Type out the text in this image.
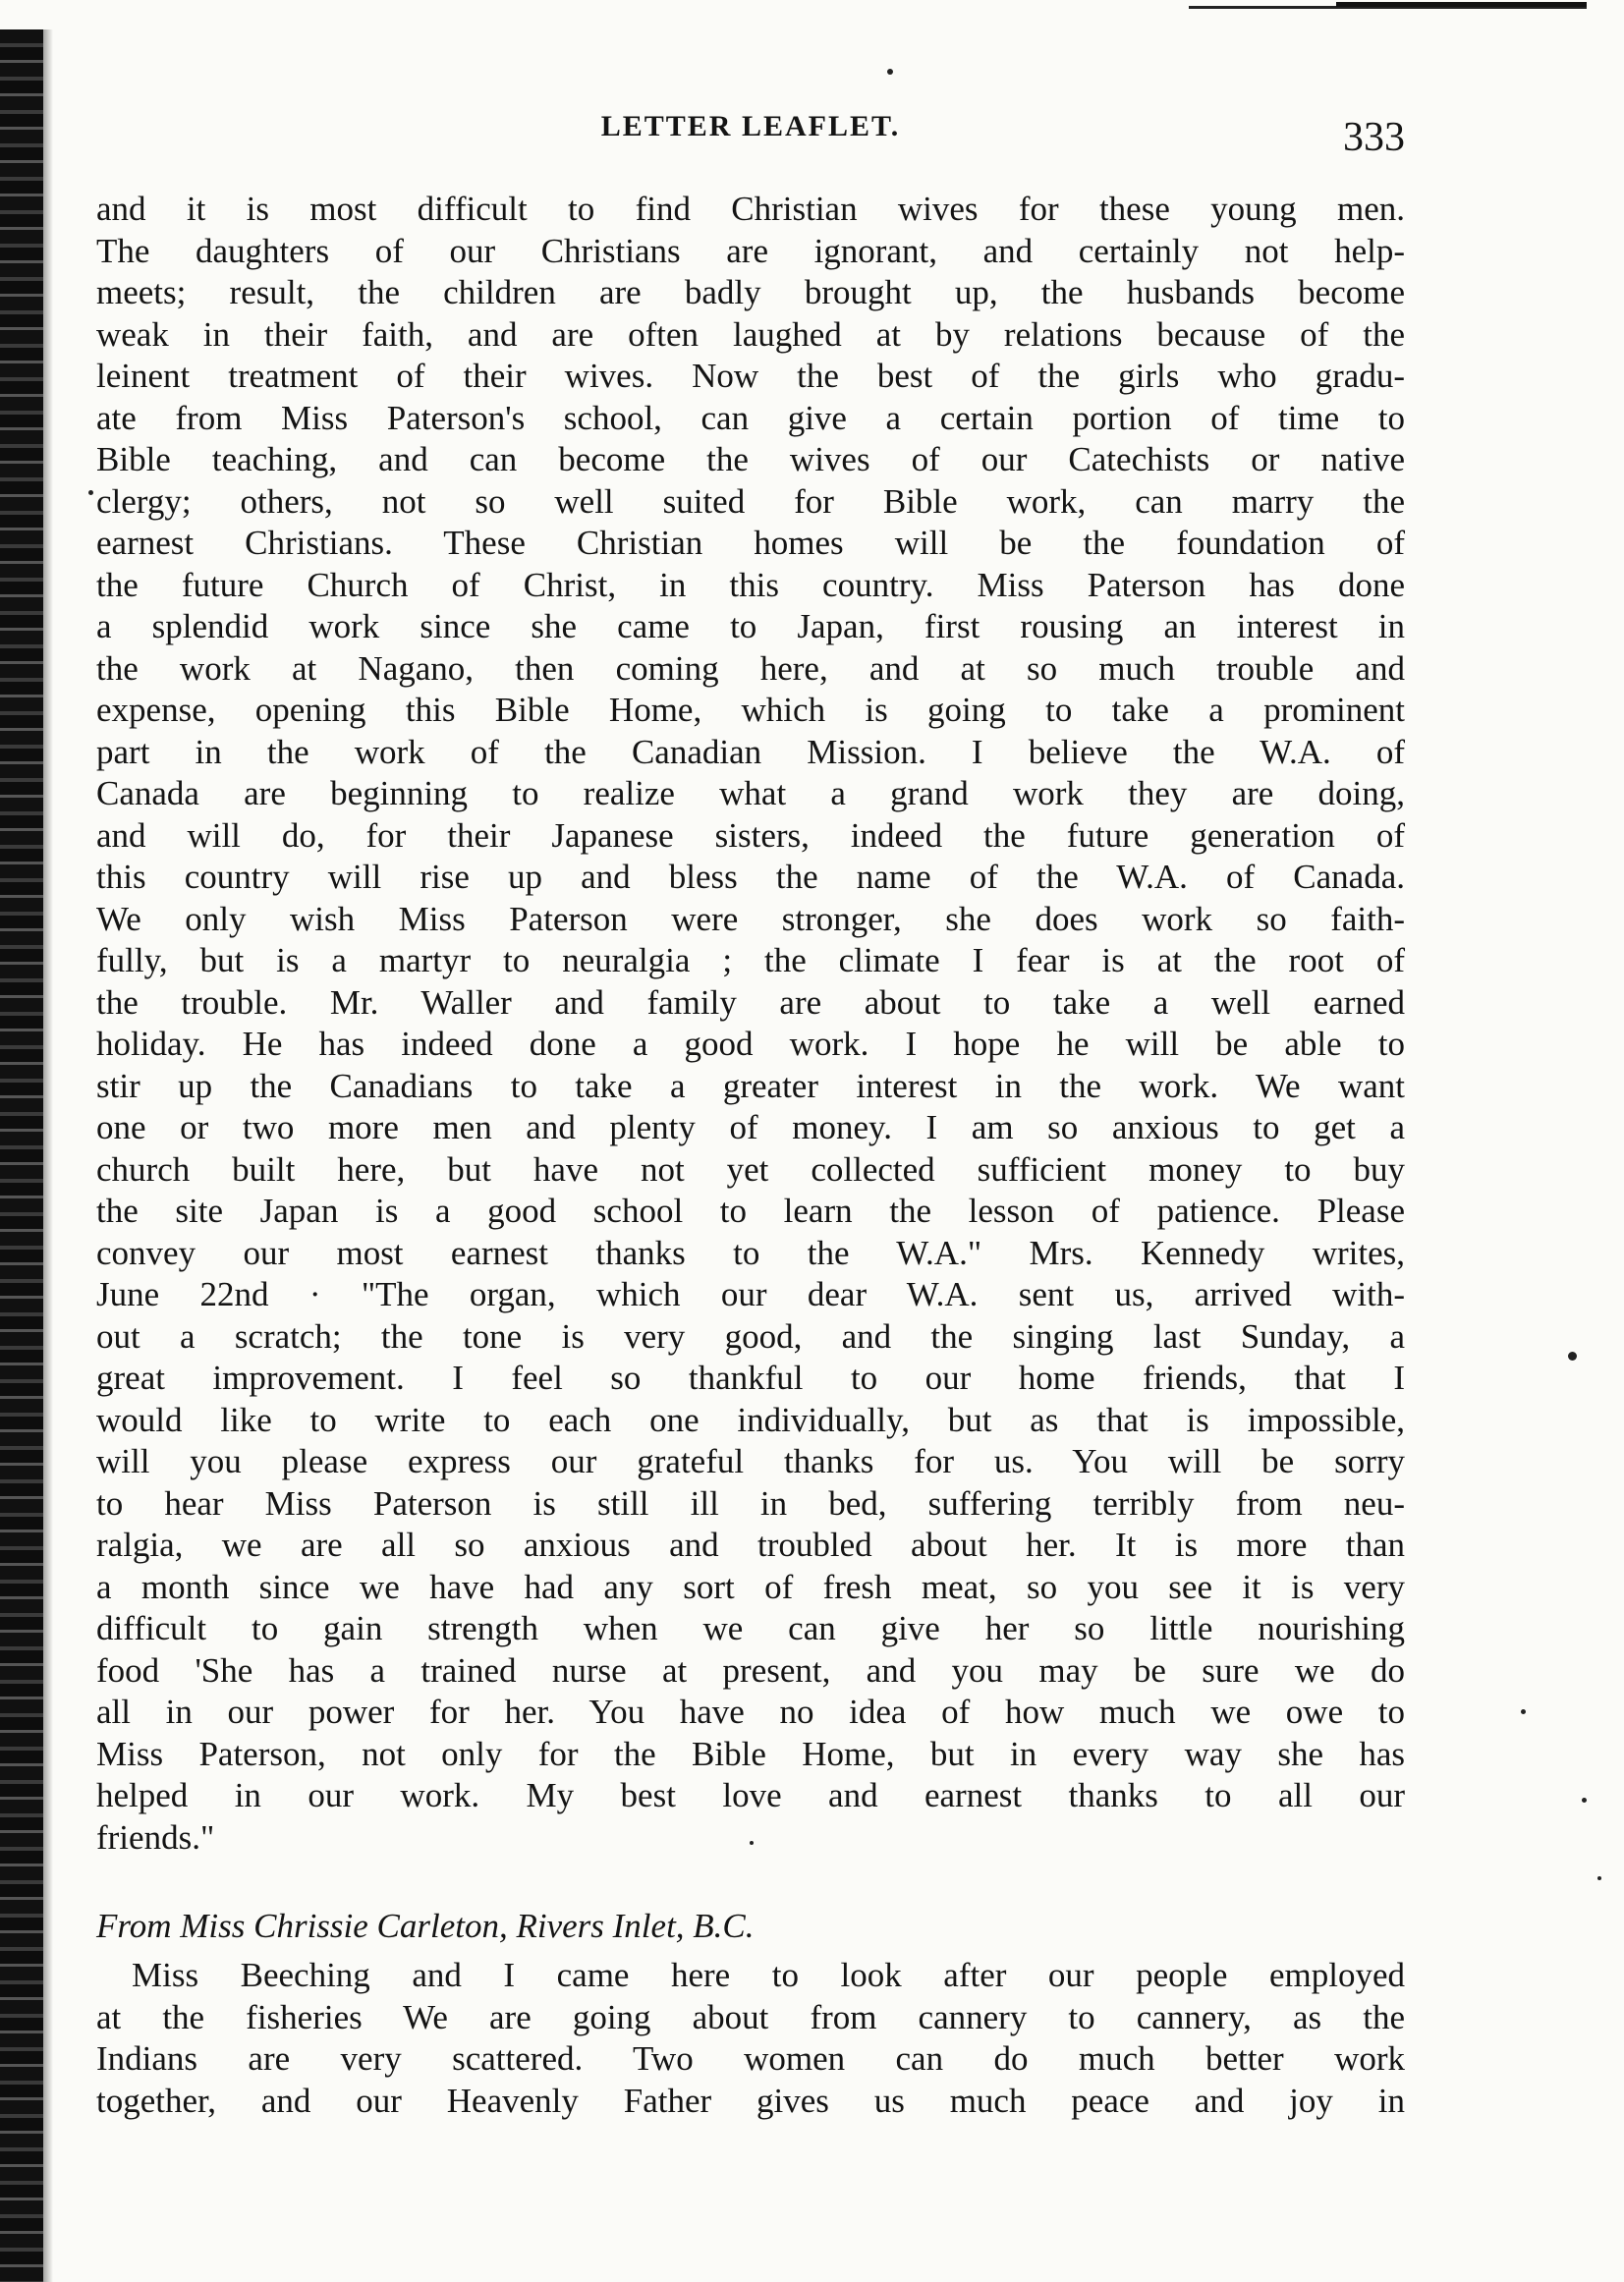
LETTER LEAFLET.	333
and it is most difficult to find Christian wives for these young men.
The daughters of our Christians are ignorant, and certainly not help-
meets; result, the children are badly brought up, the husbands become
weak in their faith, and are often laughed at by relations because of the
leinent treatment of their wives. Now the best of the girls who gradu-
ate from Miss Paterson's school, can give a certain portion of time to
Bible teaching, and can become the wives of our Catechists or native
clergy; others, not so well suited for Bible work, can marry the
earnest Christians. These Christian homes will be the foundation of
the future Church of Christ, in this country. Miss Paterson has done
a splendid work since she came to Japan, first rousing an interest in
the work at Nagano, then coming here, and at so much trouble and
expense, opening this Bible Home, which is going to take a prominent
part in the work of the Canadian Mission. I believe the W.A. of
Canada are beginning to realize what a grand work they are doing,
and will do, for their Japanese sisters, indeed the future generation of
this country will rise up and bless the name of the W.A. of Canada.
We only wish Miss Paterson were stronger, she does work so faith-
fully, but is a martyr to neuralgia ; the climate I fear is at the root of
the trouble. Mr. Waller and family are about to take a well earned
holiday. He has indeed done a good work. I hope he will be able to
stir up the Canadians to take a greater interest in the work. We want
one or two more men and plenty of money. I am so anxious to get a
church built here, but have not yet collected sufficient money to buy
the site Japan is a good school to learn the lesson of patience. Please
convey our most earnest thanks to the W.A." Mrs. Kennedy writes,
June 22nd · "The organ, which our dear W.A. sent us, arrived with-
out a scratch; the tone is very good, and the singing last Sunday, a
great improvement. I feel so thankful to our home friends, that I
would like to write to each one individually, but as that is impossible,
will you please express our grateful thanks for us. You will be sorry
to hear Miss Paterson is still ill in bed, suffering terribly from neu-
ralgia, we are all so anxious and troubled about her. It is more than
a month since we have had any sort of fresh meat, so you see it is very
difficult to gain strength when we can give her so little nourishing
food 'She has a trained nurse at present, and you may be sure we do
all in our power for her. You have no idea of how much we owe to
Miss Paterson, not only for the Bible Home, but in every way she has
helped in our work. My best love and earnest thanks to all our
friends."
From Miss Chrissie Carleton, Rivers Inlet, B.C.
Miss Beeching and I came here to look after our people employed
at the fisheries We are going about from cannery to cannery, as the
Indians are very scattered. Two women can do much better work
together, and our Heavenly Father gives us much peace and joy in
